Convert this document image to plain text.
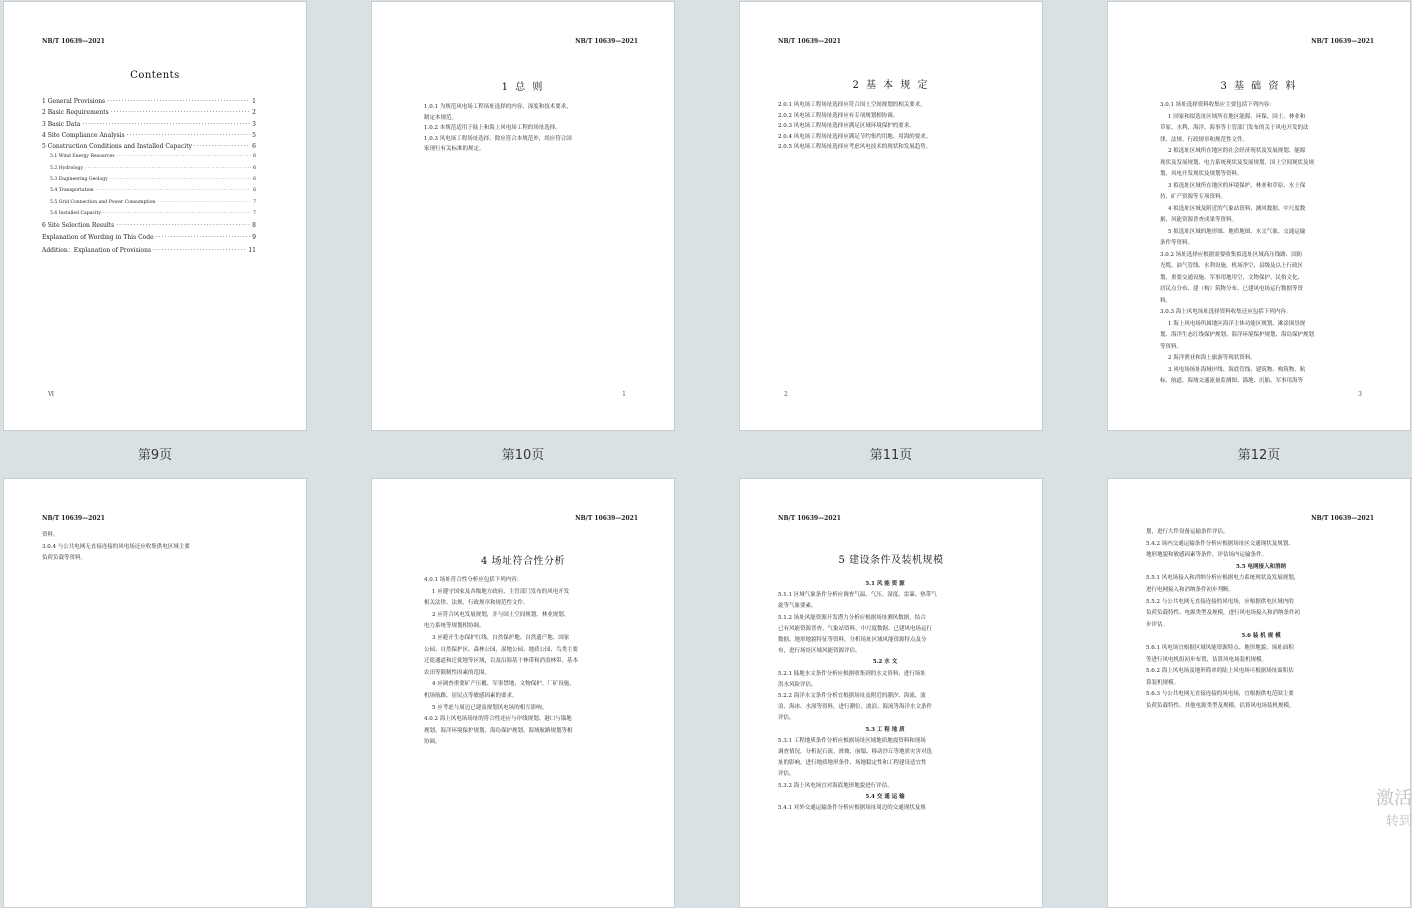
NB/T 10639—2021
Contents
1 General Provisions ·····	1
2 Basic Requirements ·····	2
3 Basic Data ·····	3
4 Site Compliance Analysis ·····	5
5 Construction Conditions and Installed Capacity ·····	6
5.1 Wind Energy Resources ·····	6
5.2 Hydrology ·····	6
5.3 Engineering Geology ·····	6
5.4 Transportation ·····	6
5.5 Grid Connection and Power Consumption ·····	7
5.6 Installed Capacity ·····	7
6 Site Selection Results ·····	8
Explanation of Wording in This Code ·····	9
Addition：Explanation of Provisions ·····	11
Ⅵ
第9页
NB/T 10639—2021
1 总 则

1.0.1 为规范风电场工程场址选择的内容、深度和技术要求，

制定本规范。

1.0.2 本规范适用于陆上和海上风电场工程的场址选择。

1.0.3 风电场工程场址选择，除应符合本规范外，尚应符合国

家现行有关标准的规定。

1
第10页
NB/T 10639—2021
2 基 本 规 定

2.0.1 风电场工程场址选择应符合国土空间规划的相关要求。

2.0.2 风电场工程场址选择应有专项规划相协调。

2.0.3 风电场工程场址选择应满足区域环境保护的要求。

2.0.4 风电场工程场址选择应满足节约集约用地、用海的要求。

2.0.5 风电场工程场址选择应考虑风电技术的现状和发展趋势。

2
第11页
NB/T 10639—2021
3 基 础 资 料

3.0.1 场址选择资料收集应主要包括下列内容：

1 国家和拟选址区域所在地区能源、环保、国土、林业和

草原、水利、海洋、海事等主管部门发布的关于风电开发的法

律、法规、行政规章和规范性文件。

2 拟选址区域所在地区的社会经济现状及发展规划、能源

现状及发展规划、电力系统现状及发展规划，国土空间现状及规

划、风电开发现状及规划等资料。

3 拟选址区域所在地区的环境保护、林业和草原、水土保

持、矿产资源等专项资料。

4 拟选址区域及附近的气象站资料、测风数据、中尺度数

据、风能资源普查成果等资料。

5 拟选址区域的地形图、地质地图、水文气象、交通运输

条件等资料。

3.0.2 场址选择应根据需要收集拟选址区域高压线路、国防

光缆、油气管线、水利设施、机场净空、县级及以上行政区

划、重要交通设施、军事用地用空、文物保护、民俗文化、

居民点分布、建（构）筑物分布、已建风电场运行数据等资

料。

3.0.3 海上风电场址选择资料收集还应包括下列内容：

1 海上风电场所属地区海洋主体功能区规划、滩涂围垦规

划、海洋生态红线保护规划、海洋环境保护规划、海岛保护规划

等资料。

2 海洋渔业和海上旅游等现状资料。

3 风电场场址海域岸线、海底管线、建筑物、构筑物、航

标、航道、海域交通流量监测图、锚地、沉船、军事用海等

3
第12页
NB/T 10639—2021

资料。

3.0.4 与公共电网无直接连接的风电场还应收集供电区域主要

负荷负载等资料。

NB/T 10639—2021
4 场址符合性分析

4.0.1 场址符合性分析应包括下列内容：

1 应遵守国家及各级地方政府、主管部门发布的风电开发

相关法律、法规、行政规章和规范性文件。

2 应符合风电发展规划，并与国土空间规划、林业规划、

电力系统等规划相协调。

3 应避开生态保护红线、自然保护地、自然遗产地、国家

公园、自然保护区、森林公园、湿地公园、地质公园、鸟类主要

迁徙通道和迁徙地等区域，以及沿海基干林带和消浪林带、基本

农田等限制性因素的范围。

4 应调查重要矿产压覆、军事禁地、文物保护、厂矿设施、

机场航路、居民点等敏感因素的要求。

5 应考虑与周边已建及规划风电场的相互影响。

4.0.2 海上风电场场址的符合性还应与岸线规划、港口与锚地

规划、海洋环境保护规划、海岛保护规划、海域航路规划等相

协调。

NB/T 10639—2021
5 建设条件及装机规模

5.1 风 能 资 源

5.1.1 区域气象条件分析应调查气温、气压、湿度、雷暴、热带气

旋等气象要素。

5.1.2 场址风能资源开发潜力分析应根据场址测风数据，结合

已有风能资源普查、气象站资料、中尺度数据、已建风电场运行

数据、地形地貌特征等资料，分析场址区域风能资源特点及分

布，进行场址区域风能资源评估。

5.2 水 文

5.2.1 陆地水文条件分析应根据收集到的水文资料，进行场址

洪水风险评估。

5.2.2 海洋水文条件分析宜根据场址及附近的潮汐、海流、波

浪、海冰、水深等资料，进行潮位、波浪、海流等海洋水文条件

评估。

5.3 工 程 地 质

5.3.1 工程地质条件分析应根据场址区域地质地震资料和现场

调查情况，分析泥石流、滑坡、崩塌、移动沙丘等地质灾害对选

址的影响，进行地质地形条件、场地稳定性和工程建设适宜性

评估。

5.3.2 海上风电场宜对海底地形地貌进行评估。

5.4 交 通 运 输

5.4.1 对外交通运输条件分析应根据场址周边的交通现状及规

NB/T 10639—2021

划，进行大件设备运输条件评估。

5.4.2 场内交通运输条件分析应根据场址区交通现状及规划、

地形地貌和敏感因素等条件，评估场内运输条件。

5.5 电网接入和消纳

5.5.1 风电场接入和消纳分析应根据电力系统现状及发展规划，

进行电网接入和消纳条件初步判断。

5.5.2 与公共电网无直接连接的风电场，应根据供电区域内的

负荷负载特性、电源类型及规模，进行风电场接入和消纳条件初

步评估。

5.6 装 机 规 模

5.6.1 风电场宜根据区域风能资源特点、地形地貌、场址面积

等进行风电机组初步布置，估算风电场装机规模。

5.6.2 海上风电场及地形简单的陆上风电场可根据场址面积估

算装机规模。

5.6.3 与公共电网无直接连接的风电场，宜根据供电范围主要

负荷负载特性、其他电源类型及规模，估算风电场装机规模。

激活
转到
